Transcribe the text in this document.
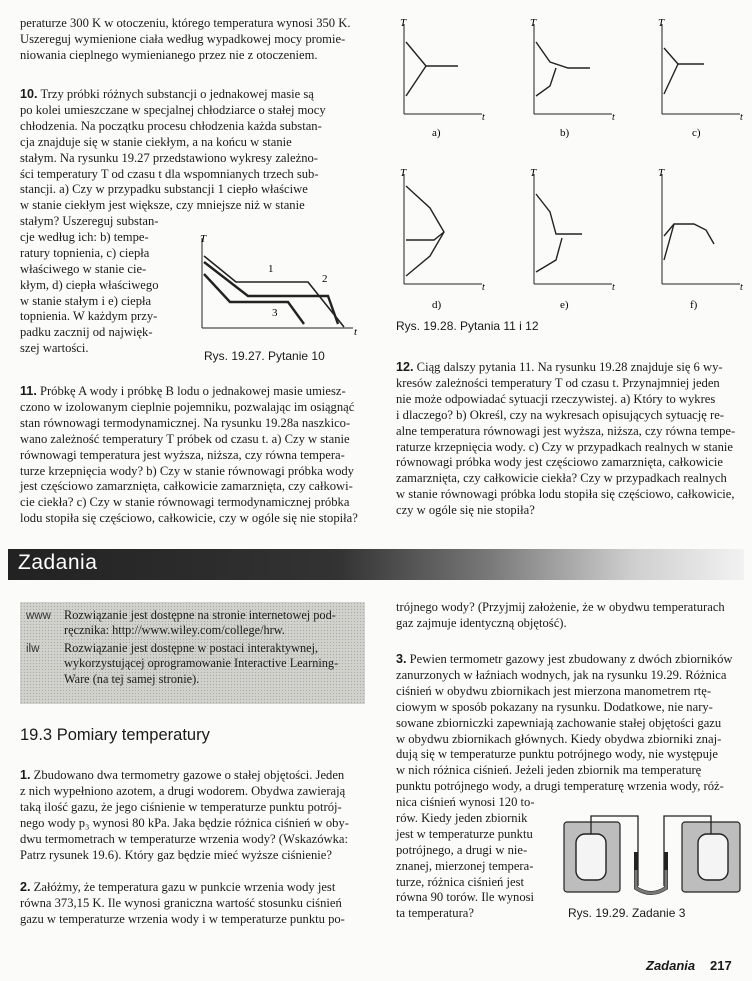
peraturze 300 K w otoczeniu, którego temperatura wynosi 350 K.

Uszereguj wymienione ciała według wypadkowej mocy promie-

niowania cieplnego wymienianego przez nie z otoczeniem.

10. Trzy próbki różnych substancji o jednakowej masie są

po kolei umieszczane w specjalnej chłodziarce o stałej mocy

chłodzenia. Na początku procesu chłodzenia każda substan-

cja znajduje się w stanie ciekłym, a na końcu w stanie

stałym. Na rysunku 19.27 przedstawiono wykresy zależno-

ści temperatury T od czasu t dla wspomnianych trzech sub-

stancji. a) Czy w przypadku substancji 1 ciepło właściwe

w stanie ciekłym jest większe, czy mniejsze niż w stanie

stałym? Uszereguj substan-

cje według ich: b) tempe-

ratury topnienia, c) ciepła

właściwego w stanie cie-

kłym, d) ciepła właściwego

w stanie stałym i e) ciepła

topnienia. W każdym przy-

padku zacznij od najwięk-

szej wartości.

T
t
1
2
3
Rys. 19.27. Pytanie 10

11. Próbkę A wody i próbkę B lodu o jednakowej masie umiesz-

czono w izolowanym cieplnie pojemniku, pozwalając im osiągnąć

stan równowagi termodynamicznej. Na rysunku 19.28a naszkico-

wano zależność temperatury T próbek od czasu t. a) Czy w stanie

równowagi temperatura jest wyższa, niższa, czy równa tempera-

turze krzepnięcia wody? b) Czy w stanie równowagi próbka wody

jest częściowo zamarznięta, całkowicie zamarznięta, czy całkowi-

cie ciekła? c) Czy w stanie równowagi termodynamicznej próbka

lodu stopiła się częściowo, całkowicie, czy w ogóle się nie stopiła?

T
t
a)
T
t
b)
T
t
c)
T
t
d)
T
t
e)
T
t
f)
Rys. 19.28. Pytania 11 i 12

12. Ciąg dalszy pytania 11. Na rysunku 19.28 znajduje się 6 wy-

kresów zależności temperatury T od czasu t. Przynajmniej jeden

nie może odpowiadać sytuacji rzeczywistej. a) Który to wykres

i dlaczego? b) Określ, czy na wykresach opisujących sytuację re-

alne temperatura równowagi jest wyższa, niższa, czy równa tempe-

raturze krzepnięcia wody. c) Czy w przypadkach realnych w stanie

równowagi próbka wody jest częściowo zamarznięta, całkowicie

zamarznięta, czy całkowicie ciekła? Czy w przypadkach realnych

w stanie równowagi próbka lodu stopiła się częściowo, całkowicie,

czy w ogóle się nie stopiła?

Zadania
www Rozwiązanie jest dostępne na stronie internetowej pod-
ręcznika: http://www.wiley.com/college/hrw.
ilw Rozwiązanie jest dostępne w postaci interaktywnej,
wykorzystującej oprogramowanie Interactive Learning-
Ware (na tej samej stronie).
19.3 Pomiary temperatury

1. Zbudowano dwa termometry gazowe o stałej objętości. Jeden

z nich wypełniono azotem, a drugi wodorem. Obydwa zawierają

taką ilość gazu, że jego ciśnienie w temperaturze punktu potrój-

nego wody p₃ wynosi 80 kPa. Jaka będzie różnica ciśnień w oby-

dwu termometrach w temperaturze wrzenia wody? (Wskazówka:

Patrz rysunek 19.6). Który gaz będzie mieć wyższe ciśnienie?

2. Załóżmy, że temperatura gazu w punkcie wrzenia wody jest

równa 373,15 K. Ile wynosi graniczna wartość stosunku ciśnień

gazu w temperaturze wrzenia wody i w temperaturze punktu po-

trójnego wody? (Przyjmij założenie, że w obydwu temperaturach

gaz zajmuje identyczną objętość).

3. Pewien termometr gazowy jest zbudowany z dwóch zbiorników

zanurzonych w łaźniach wodnych, jak na rysunku 19.29. Różnica

ciśnień w obydwu zbiornikach jest mierzona manometrem rtę-

ciowym w sposób pokazany na rysunku. Dodatkowe, nie nary-

sowane zbiorniczki zapewniają zachowanie stałej objętości gazu

w obydwu zbiornikach głównych. Kiedy obydwa zbiorniki znaj-

dują się w temperaturze punktu potrójnego wody, nie występuje

w nich różnica ciśnień. Jeżeli jeden zbiornik ma temperaturę

punktu potrójnego wody, a drugi temperaturę wrzenia wody, róż-

nica ciśnień wynosi 120 to-

rów. Kiedy jeden zbiornik

jest w temperaturze punktu

potrójnego, a drugi w nie-

znanej, mierzonej tempera-

turze, różnica ciśnień jest

równa 90 torów. Ile wynosi

ta temperatura?	Rys. 19.29. Zadanie 3
Zadania 217
